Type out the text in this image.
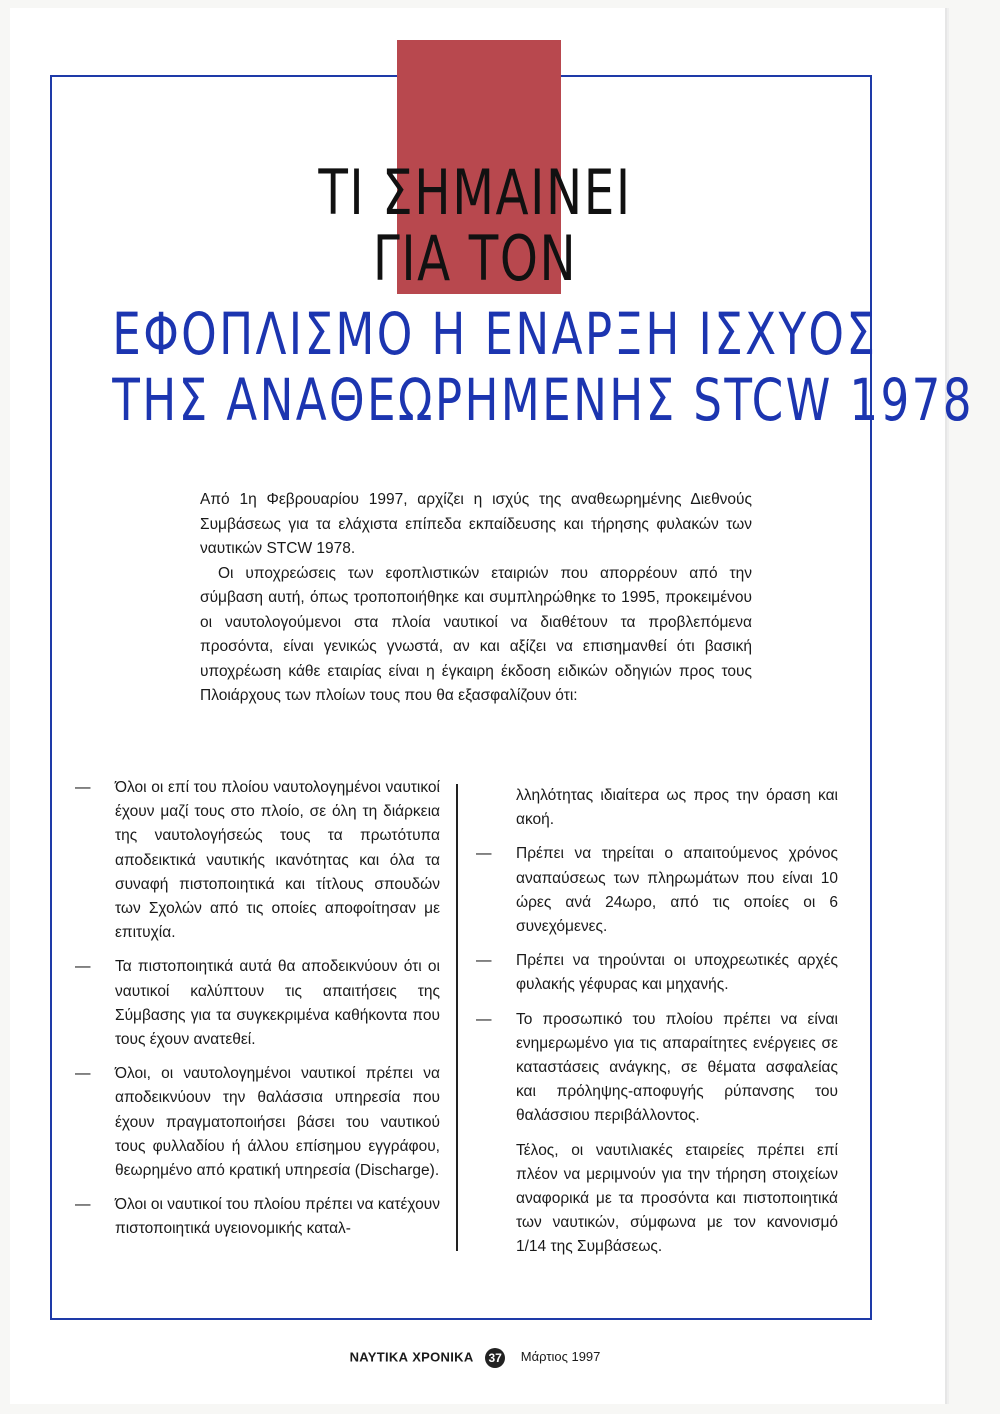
ΤΙ ΣΗΜΑΙΝΕΙ
ΓΙΑ ΤΟΝ
ΕΦΟΠΛΙΣΜΟ Η ΕΝΑΡΞΗ ΙΣΧΥΟΣ
ΤΗΣ ΑΝΑΘΕΩΡΗΜΕΝΗΣ STCW 1978

Από 1η Φεβρουαρίου 1997, αρχίζει η ισχύς της αναθεωρημένης Διεθνούς Συμβάσεως για τα ελάχιστα επίπεδα εκπαίδευσης και τήρησης φυλακών των ναυτικών STCW 1978.

Οι υποχρεώσεις των εφοπλιστικών εταιριών που απορρέουν από την σύμβαση αυτή, όπως τροποποιήθηκε και συμπληρώθηκε το 1995, προκειμένου οι ναυτολογούμενοι στα πλοία ναυτικοί να διαθέτουν τα προβλεπόμενα προσόντα, είναι γενικώς γνωστά, αν και αξίζει να επισημανθεί ότι βασική υποχρέωση κάθε εταιρίας είναι η έγκαιρη έκδοση ειδικών οδηγιών προς τους Πλοιάρχους των πλοίων τους που θα εξασφαλίζουν ότι:

— Όλοι οι επί του πλοίου ναυτολογημένοι ναυτικοί έχουν μαζί τους στο πλοίο, σε όλη τη διάρκεια της ναυτολογήσεώς τους τα πρωτότυπα αποδεικτικά ναυτικής ικανότητας και όλα τα συναφή πιστοποιητικά και τίτλους σπουδών των Σχολών από τις οποίες αποφοίτησαν με επιτυχία.
— Τα πιστοποιητικά αυτά θα αποδεικνύουν ότι οι ναυτικοί καλύπτουν τις απαιτήσεις της Σύμβασης για τα συγκεκριμένα καθήκοντα που τους έχουν ανατεθεί.
— Όλοι, οι ναυτολογημένοι ναυτικοί πρέπει να αποδεικνύουν την θαλάσσια υπηρεσία που έχουν πραγματοποιήσει βάσει του ναυτικού τους φυλλαδίου ή άλλου επίσημου εγγράφου, θεωρημένο από κρατική υπηρεσία (Discharge).
— Όλοι οι ναυτικοί του πλοίου πρέπει να κατέχουν πιστοποιητικά υγειονομικής καταλ-
λληλότητας ιδιαίτερα ως προς την όραση και ακοή.
— Πρέπει να τηρείται ο απαιτούμενος χρόνος αναπαύσεως των πληρωμάτων που είναι 10 ώρες ανά 24ωρο, από τις οποίες οι 6 συνεχόμενες.
— Πρέπει να τηρούνται οι υποχρεωτικές αρχές φυλακής γέφυρας και μηχανής.
— Το προσωπικό του πλοίου πρέπει να είναι ενημερωμένο για τις απαραίτητες ενέργειες σε καταστάσεις ανάγκης, σε θέματα ασφαλείας και πρόληψης-αποφυγής ρύπανσης του θαλάσσιου περιβάλλοντος.
Τέλος, οι ναυτιλιακές εταιρείες πρέπει επί πλέον να μεριμνούν για την τήρηση στοιχείων αναφορικά με τα προσόντα και πιστοποιητικά των ναυτικών, σύμφωνα με τον κανονισμό 1/14 της Συμβάσεως.
ΝΑΥΤΙΚΑ ΧΡΟΝΙΚΑ 37 Μάρτιος 1997
